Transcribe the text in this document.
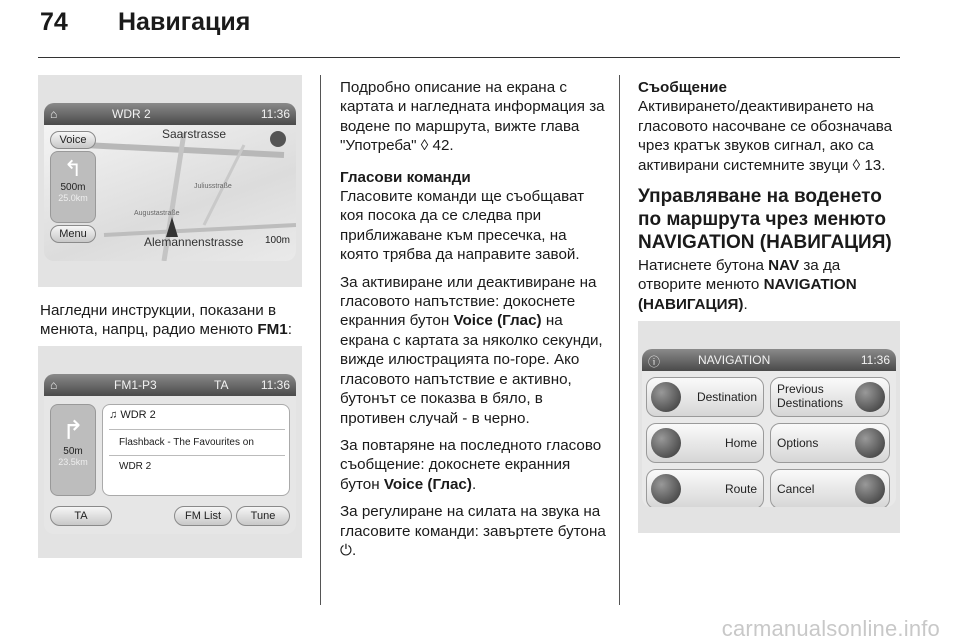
74 Навигация
⌂	WDR 2	11:36
Saarstrasse
Alemannenstrasse 100m
Juliusstraße
Augustastraße
Voice
↰
500m
25.0km
Menu

Нагледни инструкции, показани в менюта, напрц, радио менюто FM1:

⌂	FM1-P3	TA	11:36
↱
50m
23.5km
♫ WDR 2
Flashback - The Favourites on
WDR 2
TA	FM List	Tune

Подробно описание на екрана с картата и нагледната информация за водене по маршрута, вижте глава "Употреба" ◊ 42.

Гласови команди

Гласовите команди ще съобщават коя посока да се следва при приближаване към пресечка, на която трябва да направите завой.

За активиране или деактивиране на гласовото напътствие: докоснете екранния бутон Voice (Глас) на екрана с картата за няколко секунди, вижде илюстрацията по-горе. Ако гласовото напътствие е активно, бутонът се показва в бяло, в противен случай - в черно.

За повтаряне на последното гласово съобщение: докоснете екранния бутон Voice (Глас).

За регулиране на силата на звука на гласовите команди: завъртете бутона ⏻.

Съобщение

Активирането/деактивирането на гласовото насочване се обозначава чрез кратък звуков сигнал, ако са активирани системните звуци ◊ 13.

Управляване на воденето по маршрута чрез менюто NAVIGATION (НАВИГАЦИЯ)

Натиснете бутона NAV за да отворите менюто NAVIGATION (НАВИГАЦИЯ).

ⓘ	NAVIGATION	11:36
Destination
Previous Destinations
Home Options
Route Cancel
carmanualsonline.info
